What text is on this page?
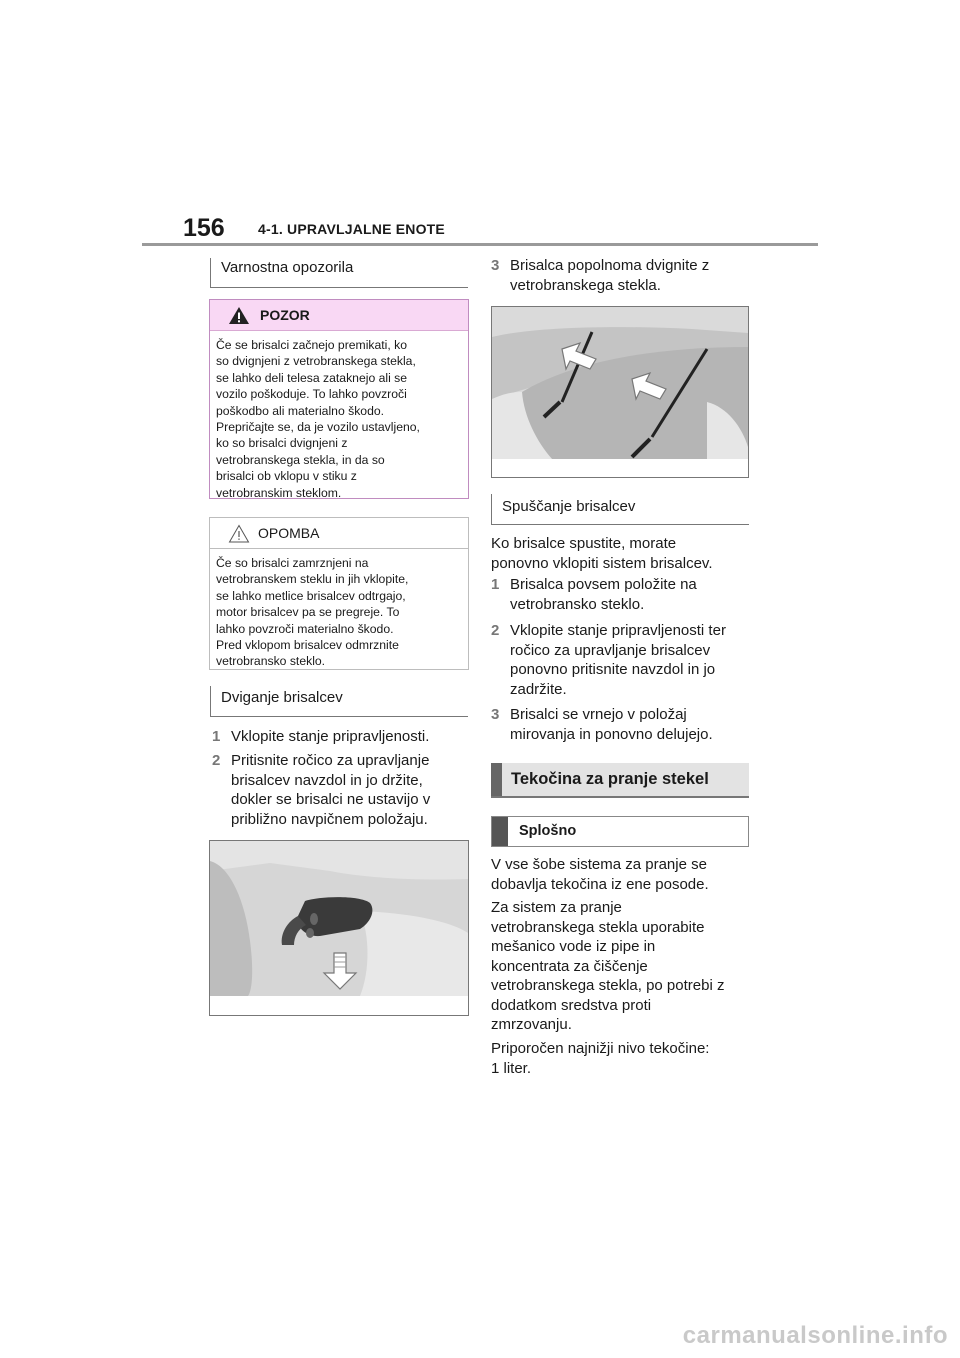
156 4-1. UPRAVLJALNE ENOTE
Varnostna opozorila
POZOR
Če se brisalci začnejo premikati, ko
so dvignjeni z vetrobranskega stekla,
se lahko deli telesa zataknejo ali se
vozilo poškoduje. To lahko povzroči
poškodbo ali materialno škodo.
Prepričajte se, da je vozilo ustavljeno,
ko so brisalci dvignjeni z
vetrobranskega stekla, in da so
brisalci ob vklopu v stiku z
vetrobranskim steklom.
OPOMBA
Če so brisalci zamrznjeni na
vetrobranskem steklu in jih vklopite,
se lahko metlice brisalcev odtrgajo,
motor brisalcev pa se pregreje. To
lahko povzroči materialno škodo.
Pred vklopom brisalcev odmrznite
vetrobransko steklo.
Dviganje brisalcev
1 Vklopite stanje pripravljenosti.
2 Pritisnite ročico za upravljanje
brisalcev navzdol in jo držite,
dokler se brisalci ne ustavijo v
približno navpičnem položaju.
3 Brisalca popolnoma dvignite z
vetrobranskega stekla.
Spuščanje brisalcev
Ko brisalce spustite, morate
ponovno vklopiti sistem brisalcev.
1 Brisalca povsem položite na
vetrobransko steklo.
2 Vklopite stanje pripravljenosti ter
ročico za upravljanje brisalcev
ponovno pritisnite navzdol in jo
zadržite.
3 Brisalci se vrnejo v položaj
mirovanja in ponovno delujejo.
Tekočina za pranje stekel
Splošno
V vse šobe sistema za pranje se
dobavlja tekočina iz ene posode.
Za sistem za pranje
vetrobranskega stekla uporabite
mešanico vode iz pipe in
koncentrata za čiščenje
vetrobranskega stekla, po potrebi z
dodatkom sredstva proti
zmrzovanju.
Priporočen najnižji nivo tekočine:
1 liter.
carmanualsonline.info
